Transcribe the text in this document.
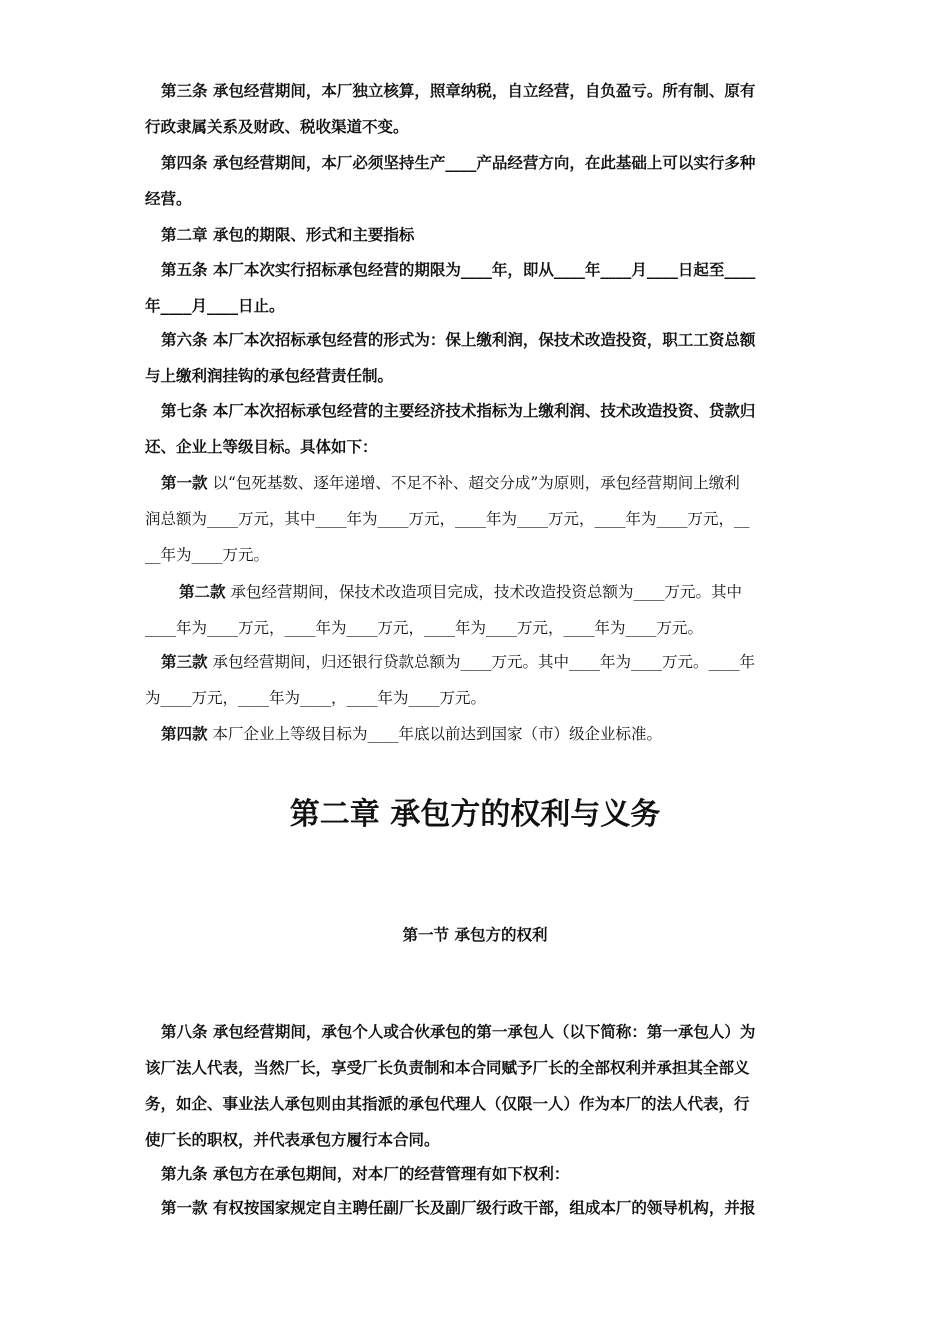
第三条 承包经营期间，本厂独立核算，照章纳税，自立经营，自负盈亏。所有制、原有
行政隶属关系及财政、税收渠道不变。
第四条 承包经营期间，本厂必须坚持生产____产品经营方向，在此基础上可以实行多种
经营。
第二章 承包的期限、形式和主要指标
第五条 本厂本次实行招标承包经营的期限为____年，即从____年____月____日起至____
年____月____日止。
第六条 本厂本次招标承包经营的形式为：保上缴利润，保技术改造投资，职工工资总额
与上缴利润挂钩的承包经营责任制。
第七条 本厂本次招标承包经营的主要经济技术指标为上缴利润、技术改造投资、贷款归
还、企业上等级目标。具体如下：
第一款 以“包死基数、逐年递增、不足不补、超交分成”为原则，承包经营期间上缴利
润总额为____万元，其中____年为____万元，____年为____万元，____年为____万元，__
__年为____万元。
第二款 承包经营期间，保技术改造项目完成，技术改造投资总额为____万元。其中
____年为____万元，____年为____万元，____年为____万元，____年为____万元。
第三款 承包经营期间，归还银行贷款总额为____万元。其中____年为____万元。____年
为____万元，____年为____，____年为____万元。
第四款 本厂企业上等级目标为____年底以前达到国家（市）级企业标准。
第二章 承包方的权利与义务
第一节 承包方的权利
第八条 承包经营期间，承包个人或合伙承包的第一承包人（以下简称：第一承包人）为
该厂法人代表，当然厂长，享受厂长负责制和本合同赋予厂长的全部权利并承担其全部义
务，如企、事业法人承包则由其指派的承包代理人（仅限一人）作为本厂的法人代表，行
使厂长的职权，并代表承包方履行本合同。
第九条 承包方在承包期间，对本厂的经营管理有如下权利：
第一款 有权按国家规定自主聘任副厂长及副厂级行政干部，组成本厂的领导机构，并报
